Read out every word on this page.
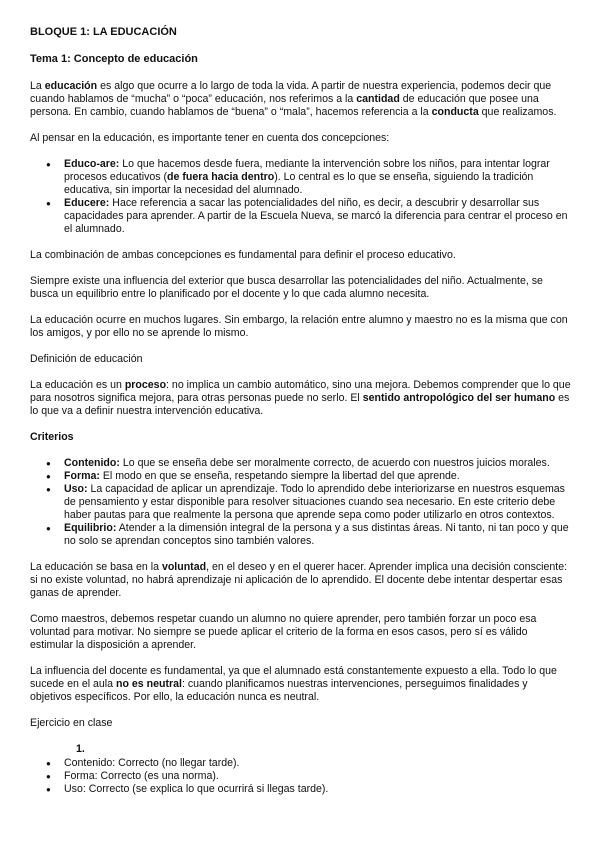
BLOQUE 1: LA EDUCACIÓN
Tema 1: Concepto de educación

La educación es algo que ocurre a lo largo de toda la vida. A partir de nuestra experiencia, podemos decir que cuando hablamos de “mucha” o “poca” educación, nos referimos a la cantidad de educación que posee una persona. En cambio, cuando hablamos de “buena” o “mala”, hacemos referencia a la conducta que realizamos.

Al pensar en la educación, es importante tener en cuenta dos concepciones:

● Educo-are: Lo que hacemos desde fuera, mediante la intervención sobre los niños, para intentar lograr procesos educativos (de fuera hacia dentro). Lo central es lo que se enseña, siguiendo la tradición educativa, sin importar la necesidad del alumnado.
● Educere: Hace referencia a sacar las potencialidades del niño, es decir, a descubrir y desarrollar sus capacidades para aprender. A partir de la Escuela Nueva, se marcó la diferencia para centrar el proceso en el alumnado.

La combinación de ambas concepciones es fundamental para definir el proceso educativo.

Siempre existe una influencia del exterior que busca desarrollar las potencialidades del niño. Actualmente, se busca un equilibrio entre lo planificado por el docente y lo que cada alumno necesita.

La educación ocurre en muchos lugares. Sin embargo, la relación entre alumno y maestro no es la misma que con los amigos, y por ello no se aprende lo mismo.

Definición de educación

La educación es un proceso: no implica un cambio automático, sino una mejora. Debemos comprender que lo que para nosotros significa mejora, para otras personas puede no serlo. El sentido antropológico del ser humano es lo que va a definir nuestra intervención educativa.

Criterios

● Contenido: Lo que se enseña debe ser moralmente correcto, de acuerdo con nuestros juicios morales.
● Forma: El modo en que se enseña, respetando siempre la libertad del que aprende.
● Uso: La capacidad de aplicar un aprendizaje. Todo lo aprendido debe interiorizarse en nuestros esquemas de pensamiento y estar disponible para resolver situaciones cuando sea necesario. En este criterio debe haber pautas para que realmente la persona que aprende sepa como poder utilizarlo en otros contextos.
● Equilibrio: Atender a la dimensión integral de la persona y a sus distintas áreas. Ni tanto, ni tan poco y que no solo se aprendan conceptos sino también valores.

La educación se basa en la voluntad, en el deseo y en el querer hacer. Aprender implica una decisión consciente: si no existe voluntad, no habrá aprendizaje ni aplicación de lo aprendido. El docente debe intentar despertar esas ganas de aprender.

Como maestros, debemos respetar cuando un alumno no quiere aprender, pero también forzar un poco esa voluntad para motivar. No siempre se puede aplicar el criterio de la forma en esos casos, pero sí es válido estimular la disposición a aprender.

La influencia del docente es fundamental, ya que el alumnado está constantemente expuesto a ella. Todo lo que sucede en el aula no es neutral: cuando planificamos nuestras intervenciones, perseguimos finalidades y objetivos específicos. Por ello, la educación nunca es neutral.

Ejercicio en clase

1.
● Contenido: Correcto (no llegar tarde).
● Forma: Correcto (es una norma).
● Uso: Correcto (se explica lo que ocurrirá si llegas tarde).
